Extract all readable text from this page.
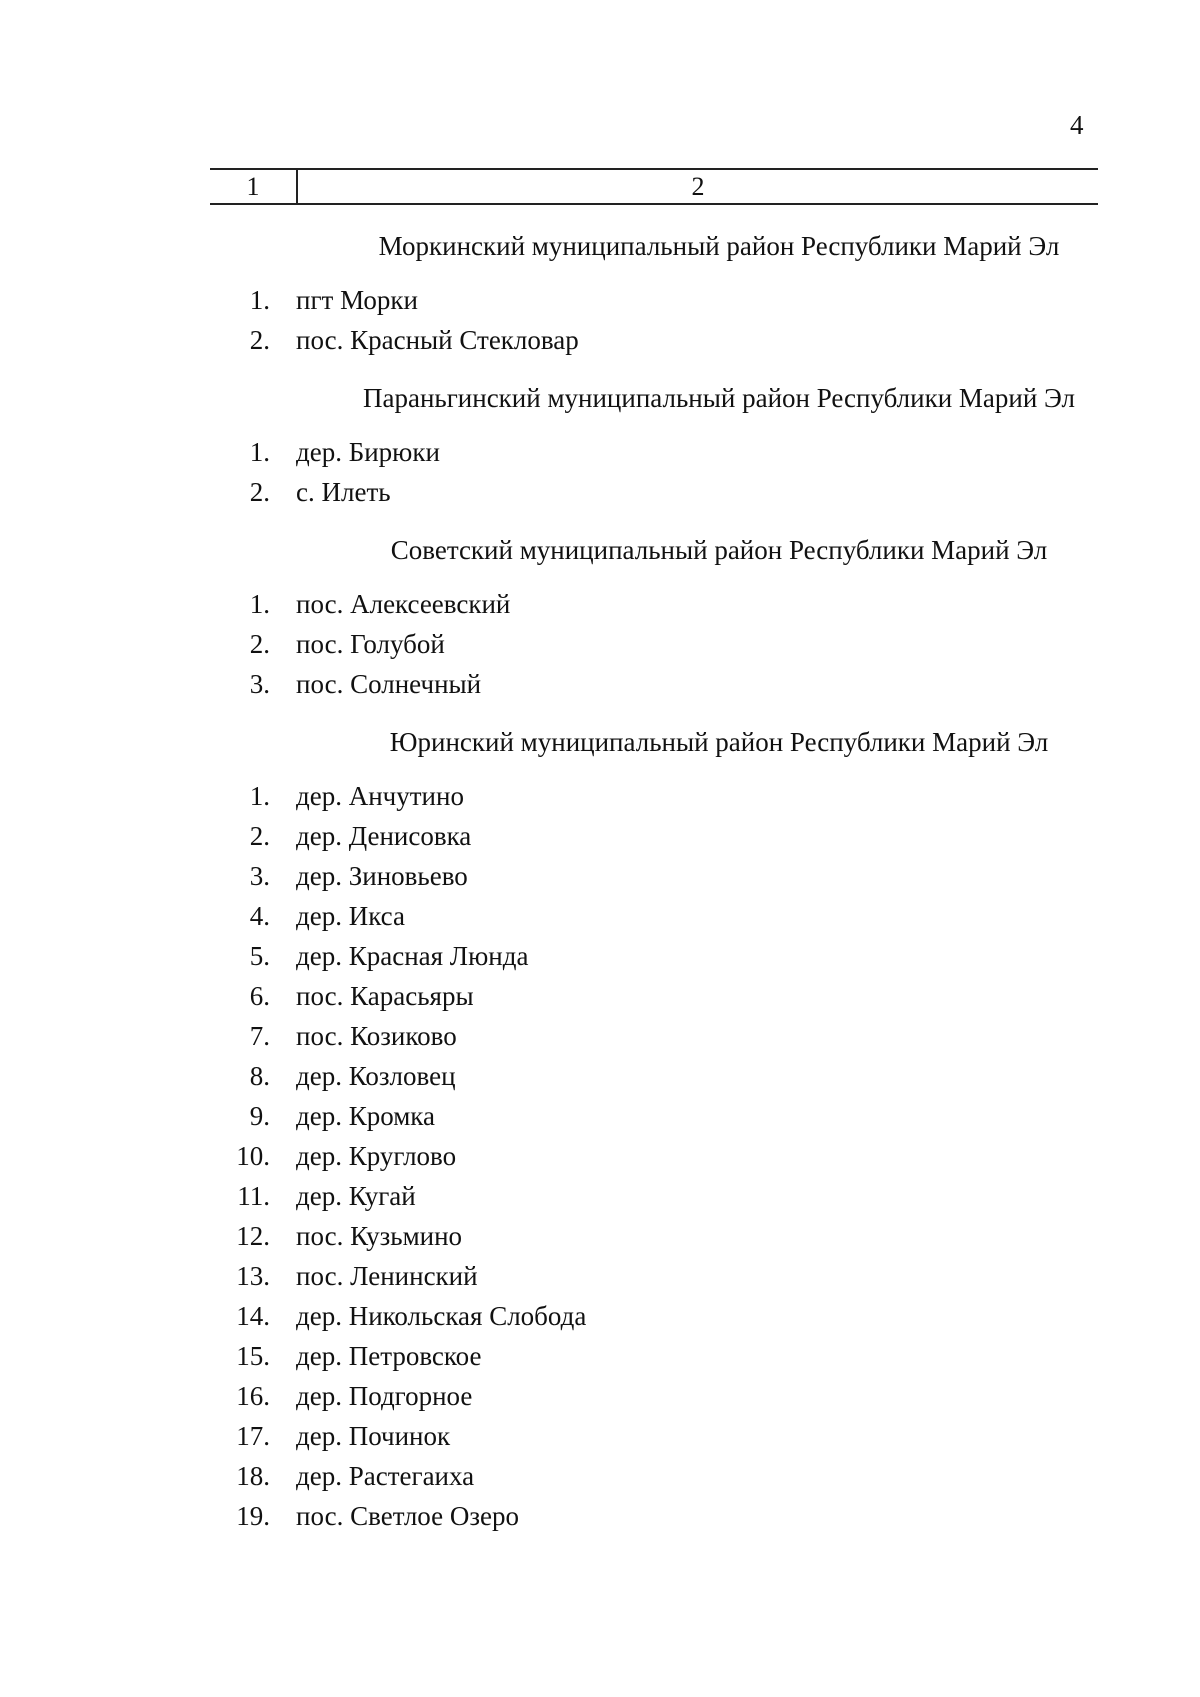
4
1	2
Моркинский муниципальный район Республики Марий Эл
1. пгт Морки
2. пос. Красный Стекловар
Параньгинский муниципальный район Республики Марий Эл
1. дер. Бирюки
2. с. Илеть
Советский муниципальный район Республики Марий Эл
1. пос. Алексеевский
2. пос. Голубой
3. пос. Солнечный
Юринский муниципальный район Республики Марий Эл
1. дер. Анчутино
2. дер. Денисовка
3. дер. Зиновьево
4. дер. Икса
5. дер. Красная Люнда
6. пос. Карасьяры
7. пос. Козиково
8. дер. Козловец
9. дер. Кромка
10. дер. Круглово
11. дер. Кугай
12. пос. Кузьмино
13. пос. Ленинский
14. дер. Никольская Слобода
15. дер. Петровское
16. дер. Подгорное
17. дер. Починок
18. дер. Растегаиха
19. пос. Светлое Озеро
